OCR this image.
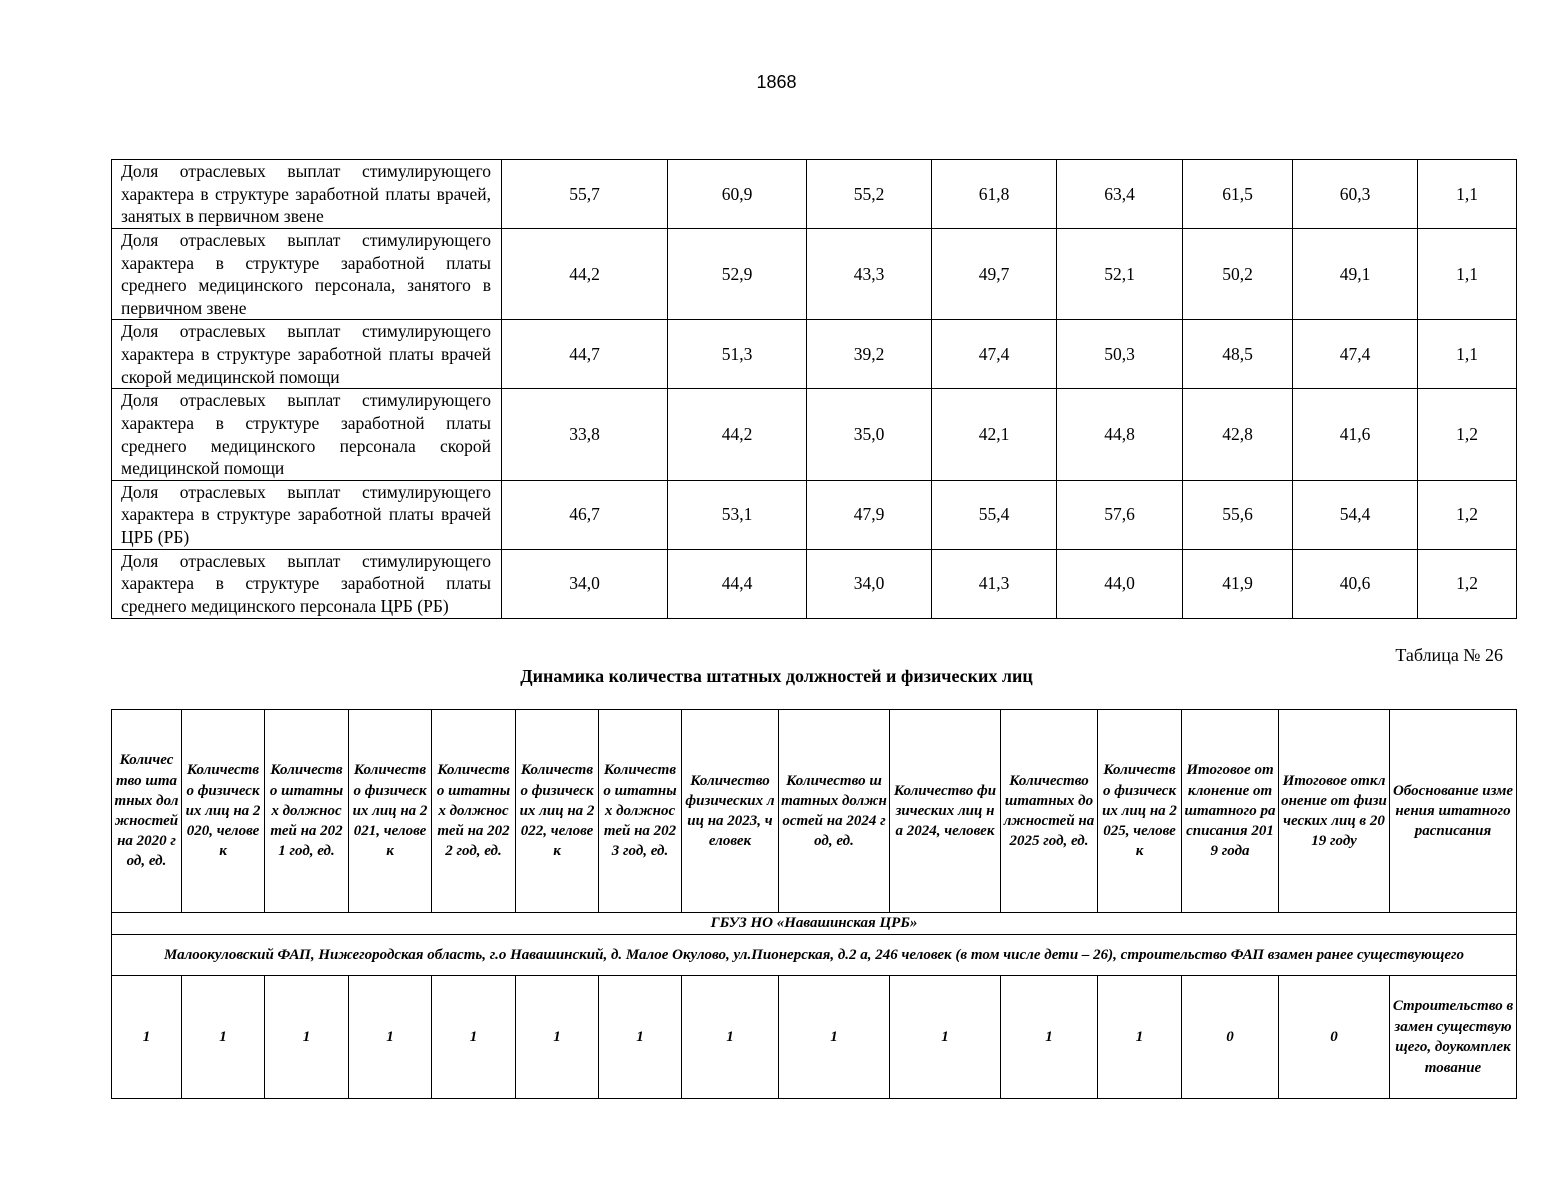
1868
Доля отраслевых выплат стимулирующего характера в структуре заработной платы врачей, занятых в первичном звене	55,7	60,9	55,2	61,8	63,4	61,5	60,3	1,1
Доля отраслевых выплат стимулирующего характера в структуре заработной платы среднего медицинского персонала, занятого в первичном звене	44,2	52,9	43,3	49,7	52,1	50,2	49,1	1,1
Доля отраслевых выплат стимулирующего характера в структуре заработной платы врачей скорой медицинской помощи	44,7	51,3	39,2	47,4	50,3	48,5	47,4	1,1
Доля отраслевых выплат стимулирующего характера в структуре заработной платы среднего медицинского персонала скорой медицинской помощи	33,8	44,2	35,0	42,1	44,8	42,8	41,6	1,2
Доля отраслевых выплат стимулирующего характера в структуре заработной платы врачей ЦРБ (РБ)	46,7	53,1	47,9	55,4	57,6	55,6	54,4	1,2
Доля отраслевых выплат стимулирующего характера в структуре заработной платы среднего медицинского персонала ЦРБ (РБ)	34,0	44,4	34,0	41,3	44,0	41,9	40,6	1,2
Таблица № 26
Динамика количества штатных должностей и физических лиц
Количество штатных должностей на 2020 год, ед.	Количество физических лиц на 2020, человек	Количество штатных должностей на 2021 год, ед.	Количество физических лиц на 2021, человек	Количество штатных должностей на 2022 год, ед.	Количество физических лиц на 2022, человек	Количество штатных должностей на 2023 год, ед.	Количество физических лиц на 2023, человек	Количество штатных должностей на 2024 год, ед.	Количество физических лиц на 2024, человек	Количество штатных должностей на 2025 год, ед.	Количество физических лиц на 2025, человек	Итоговое отклонение от штатного расписания 2019 года	Итоговое отклонение от физических лиц в 2019 году	Обоснование изменения штатного расписания
ГБУЗ НО «Навашинская ЦРБ»														
Малоокуловский ФАП, Нижегородская область, г.о Навашинский, д. Малое Окулово, ул.Пионерская, д.2 а, 246 человек (в том числе дети – 26), строительство ФАП взамен ранее существующего														
1	1	1	1	1	1	1	1	1	1	1	1	0	0	Строительство взамен существующего, доукомплектование
